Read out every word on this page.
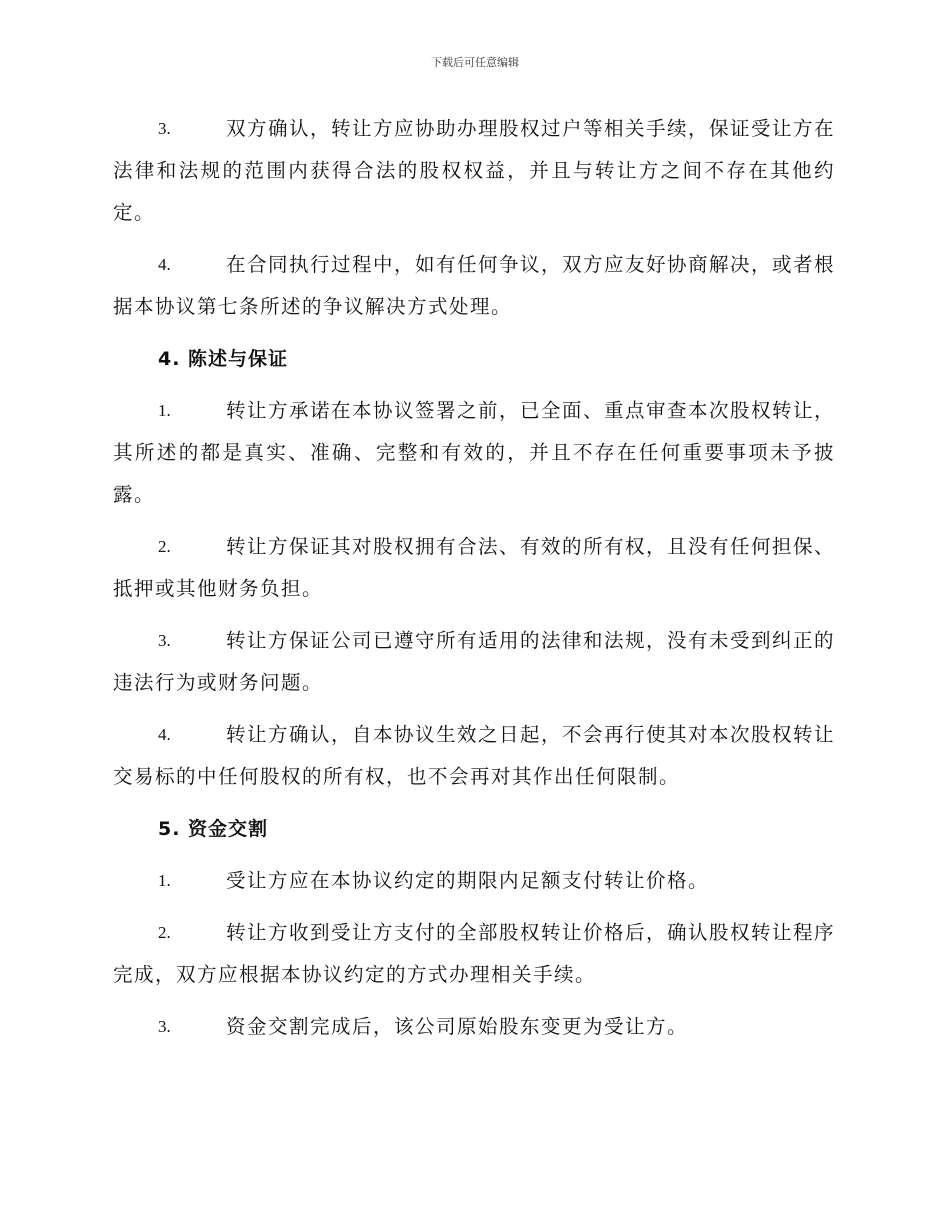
下载后可任意编辑

3.	双方确认，转让方应协助办理股权过户等相关手续，保证受让方在法律和法规的范围内获得合法的股权权益，并且与转让方之间不存在其他约定。

4.	在合同执行过程中，如有任何争议，双方应友好协商解决，或者根据本协议第七条所述的争议解决方式处理。

4. 陈述与保证

1.	转让方承诺在本协议签署之前，已全面、重点审查本次股权转让，其所述的都是真实、准确、完整和有效的，并且不存在任何重要事项未予披露。

2.	转让方保证其对股权拥有合法、有效的所有权，且没有任何担保、抵押或其他财务负担。

3.	转让方保证公司已遵守所有适用的法律和法规，没有未受到纠正的违法行为或财务问题。

4.	转让方确认，自本协议生效之日起，不会再行使其对本次股权转让交易标的中任何股权的所有权，也不会再对其作出任何限制。

5. 资金交割

1.	受让方应在本协议约定的期限内足额支付转让价格。

2.	转让方收到受让方支付的全部股权转让价格后，确认股权转让程序完成，双方应根据本协议约定的方式办理相关手续。

3.	资金交割完成后，该公司原始股东变更为受让方。
